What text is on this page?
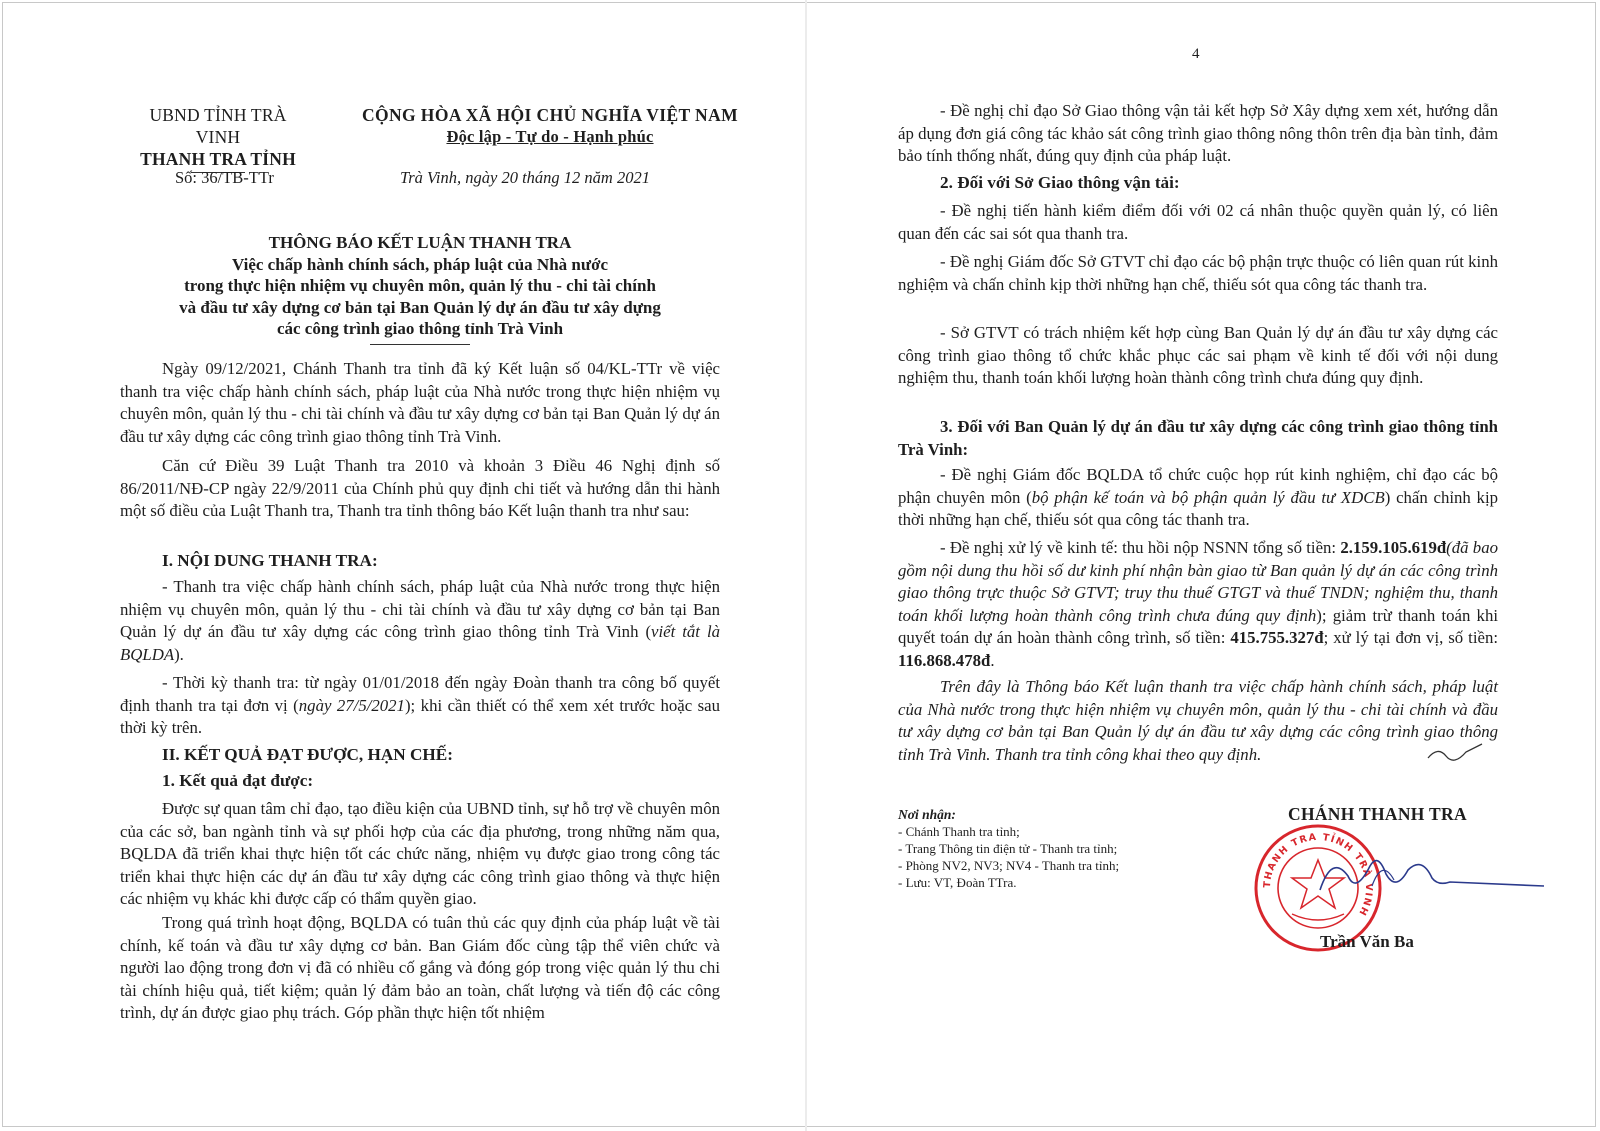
UBND TỈNH TRÀ VINH
THANH TRA TỈNH
CỘNG HÒA XÃ HỘI CHỦ NGHĨA VIỆT NAM
Độc lập - Tự do - Hạnh phúc
Số: 36/TB-TTr	Trà Vinh, ngày 20 tháng 12 năm 2021
THÔNG BÁO KẾT LUẬN THANH TRA
Việc chấp hành chính sách, pháp luật của Nhà nước
trong thực hiện nhiệm vụ chuyên môn, quản lý thu - chi tài chính
và đầu tư xây dựng cơ bản tại Ban Quản lý dự án đầu tư xây dựng
các công trình giao thông tỉnh Trà Vinh
Ngày 09/12/2021, Chánh Thanh tra tỉnh đã ký Kết luận số 04/KL-TTr về việc thanh tra việc chấp hành chính sách, pháp luật của Nhà nước trong thực hiện nhiệm vụ chuyên môn, quản lý thu - chi tài chính và đầu tư xây dựng cơ bản tại Ban Quản lý dự án đầu tư xây dựng các công trình giao thông tỉnh Trà Vinh.
Căn cứ Điều 39 Luật Thanh tra 2010 và khoản 3 Điều 46 Nghị định số 86/2011/NĐ-CP ngày 22/9/2011 của Chính phủ quy định chi tiết và hướng dẫn thi hành một số điều của Luật Thanh tra, Thanh tra tỉnh thông báo Kết luận thanh tra như sau:
I. NỘI DUNG THANH TRA:
- Thanh tra việc chấp hành chính sách, pháp luật của Nhà nước trong thực hiện nhiệm vụ chuyên môn, quản lý thu - chi tài chính và đầu tư xây dựng cơ bản tại Ban Quản lý dự án đầu tư xây dựng các công trình giao thông tỉnh Trà Vinh (viết tắt là BQLDA).
- Thời kỳ thanh tra: từ ngày 01/01/2018 đến ngày Đoàn thanh tra công bố quyết định thanh tra tại đơn vị (ngày 27/5/2021); khi cần thiết có thể xem xét trước hoặc sau thời kỳ trên.
II. KẾT QUẢ ĐẠT ĐƯỢC, HẠN CHẾ:
1. Kết quả đạt được:
Được sự quan tâm chỉ đạo, tạo điều kiện của UBND tỉnh, sự hỗ trợ về chuyên môn của các sở, ban ngành tỉnh và sự phối hợp của các địa phương, trong những năm qua, BQLDA đã triển khai thực hiện tốt các chức năng, nhiệm vụ được giao trong công tác triển khai thực hiện các dự án đầu tư xây dựng các công trình giao thông và thực hiện các nhiệm vụ khác khi được cấp có thẩm quyền giao.
Trong quá trình hoạt động, BQLDA có tuân thủ các quy định của pháp luật về tài chính, kế toán và đầu tư xây dựng cơ bản. Ban Giám đốc cùng tập thể viên chức và người lao động trong đơn vị đã có nhiều cố gắng và đóng góp trong việc quản lý thu chi tài chính hiệu quả, tiết kiệm; quản lý đảm bảo an toàn, chất lượng và tiến độ các công trình, dự án được giao phụ trách. Góp phần thực hiện tốt nhiệm
4
- Đề nghị chỉ đạo Sở Giao thông vận tải kết hợp Sở Xây dựng xem xét, hướng dẫn áp dụng đơn giá công tác khảo sát công trình giao thông nông thôn trên địa bàn tỉnh, đảm bảo tính thống nhất, đúng quy định của pháp luật.
2. Đối với Sở Giao thông vận tải:
- Đề nghị tiến hành kiểm điểm đối với 02 cá nhân thuộc quyền quản lý, có liên quan đến các sai sót qua thanh tra.
- Đề nghị Giám đốc Sở GTVT chỉ đạo các bộ phận trực thuộc có liên quan rút kinh nghiệm và chấn chỉnh kịp thời những hạn chế, thiếu sót qua công tác thanh tra.
- Sở GTVT có trách nhiệm kết hợp cùng Ban Quản lý dự án đầu tư xây dựng các công trình giao thông tổ chức khắc phục các sai phạm về kinh tế đối với nội dung nghiệm thu, thanh toán khối lượng hoàn thành công trình chưa đúng quy định.
3. Đối với Ban Quản lý dự án đầu tư xây dựng các công trình giao thông tỉnh Trà Vinh:
- Đề nghị Giám đốc BQLDA tổ chức cuộc họp rút kinh nghiệm, chỉ đạo các bộ phận chuyên môn (bộ phận kế toán và bộ phận quản lý đầu tư XDCB) chấn chỉnh kịp thời những hạn chế, thiếu sót qua công tác thanh tra.
- Đề nghị xử lý về kinh tế: thu hồi nộp NSNN tổng số tiền: 2.159.105.619đ(đã bao gồm nội dung thu hồi số dư kinh phí nhận bàn giao từ Ban quản lý dự án các công trình giao thông trực thuộc Sở GTVT; truy thu thuế GTGT và thuế TNDN; nghiệm thu, thanh toán khối lượng hoàn thành công trình chưa đúng quy định); giảm trừ thanh toán khi quyết toán dự án hoàn thành công trình, số tiền: 415.755.327đ; xử lý tại đơn vị, số tiền: 116.868.478đ.
Trên đây là Thông báo Kết luận thanh tra việc chấp hành chính sách, pháp luật của Nhà nước trong thực hiện nhiệm vụ chuyên môn, quản lý thu - chi tài chính và đầu tư xây dựng cơ bản tại Ban Quản lý dự án đầu tư xây dựng các công trình giao thông tỉnh Trà Vinh. Thanh tra tỉnh công khai theo quy định.
Nơi nhận:
- Chánh Thanh tra tỉnh;
- Trang Thông tin điện tử - Thanh tra tỉnh;
- Phòng NV2, NV3; NV4 - Thanh tra tỉnh;
- Lưu: VT, Đoàn TTra.
CHÁNH THANH TRA
THANH TRA TỈNH TRÀ VINH
Trần Văn Ba
